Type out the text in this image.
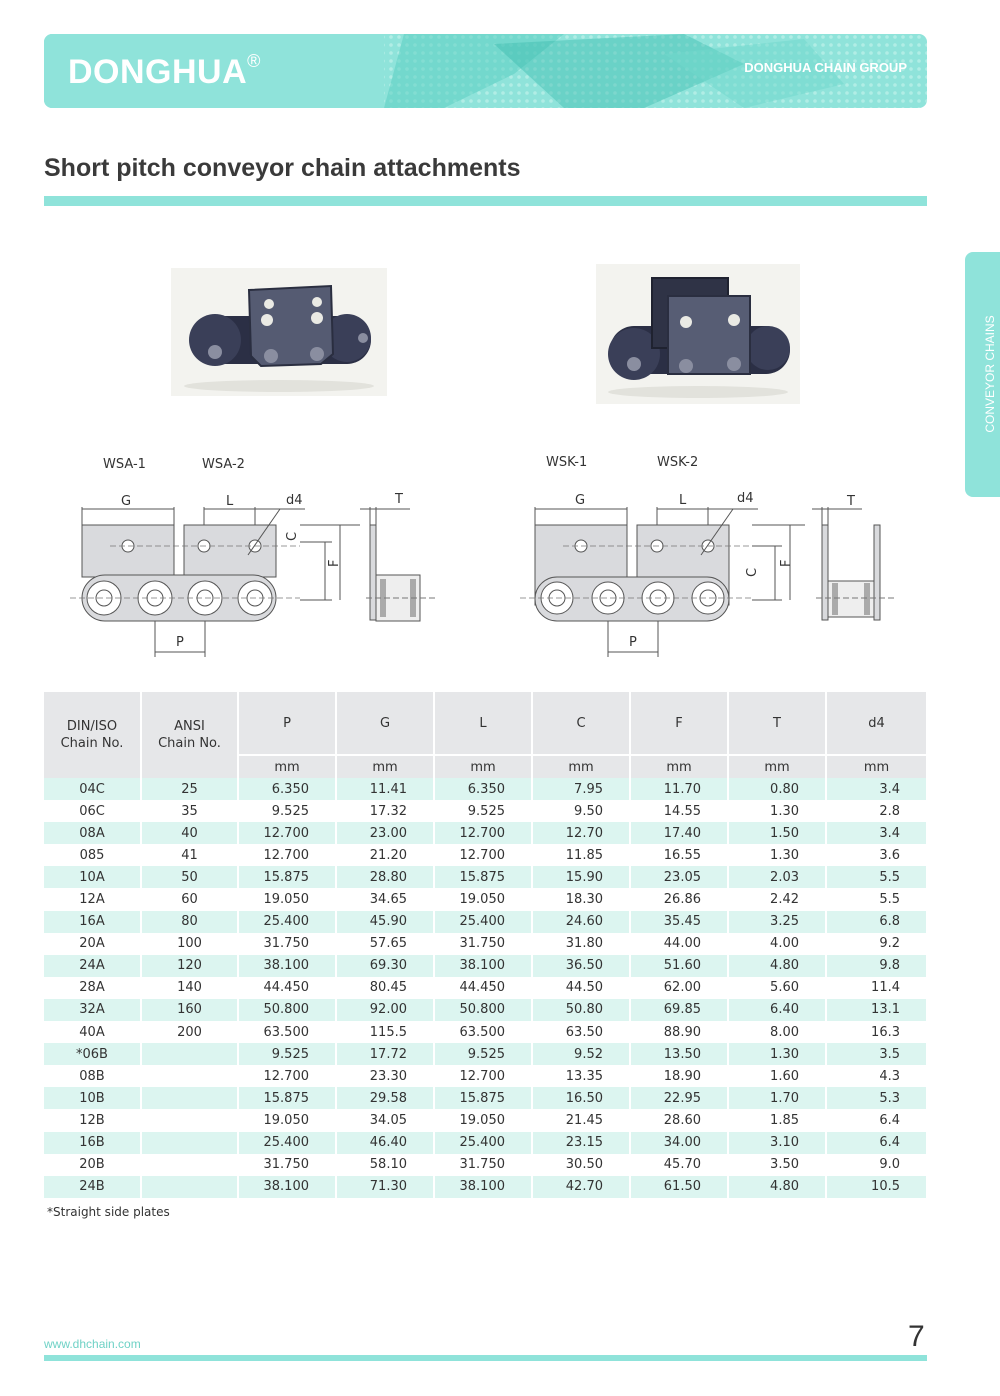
DONGHUA®	DONGHUA CHAIN GROUP
Short pitch conveyor chain attachments
CONVEYOR CHAINS
WSA-1	WSA-2	WSK-1	WSK-2
G	L	d4
C
F
P
T	G	L	d4
C
F
P
T
DIN/ISO
Chain No.	ANSI
Chain No.	P	G	L	C	F	T	d4
		mm	mm	mm	mm	mm	mm	mm
04C	25	6.350	11.41	6.350	7.95	11.70	0.80	3.4
06C	35	9.525	17.32	9.525	9.50	14.55	1.30	2.8
08A	40	12.700	23.00	12.700	12.70	17.40	1.50	3.4
085	41	12.700	21.20	12.700	11.85	16.55	1.30	3.6
10A	50	15.875	28.80	15.875	15.90	23.05	2.03	5.5
12A	60	19.050	34.65	19.050	18.30	26.86	2.42	5.5
16A	80	25.400	45.90	25.400	24.60	35.45	3.25	6.8
20A	100	31.750	57.65	31.750	31.80	44.00	4.00	9.2
24A	120	38.100	69.30	38.100	36.50	51.60	4.80	9.8
28A	140	44.450	80.45	44.450	44.50	62.00	5.60	11.4
32A	160	50.800	92.00	50.800	50.80	69.85	6.40	13.1
40A	200	63.500	115.5	63.500	63.50	88.90	8.00	16.3
*06B		9.525	17.72	9.525	9.52	13.50	1.30	3.5
08B		12.700	23.30	12.700	13.35	18.90	1.60	4.3
10B		15.875	29.58	15.875	16.50	22.95	1.70	5.3
12B		19.050	34.05	19.050	21.45	28.60	1.85	6.4
16B		25.400	46.40	25.400	23.15	34.00	3.10	6.4
20B		31.750	58.10	31.750	30.50	45.70	3.50	9.0
24B		38.100	71.30	38.100	42.70	61.50	4.80	10.5
*Straight side plates
www.dhchain.com	7
